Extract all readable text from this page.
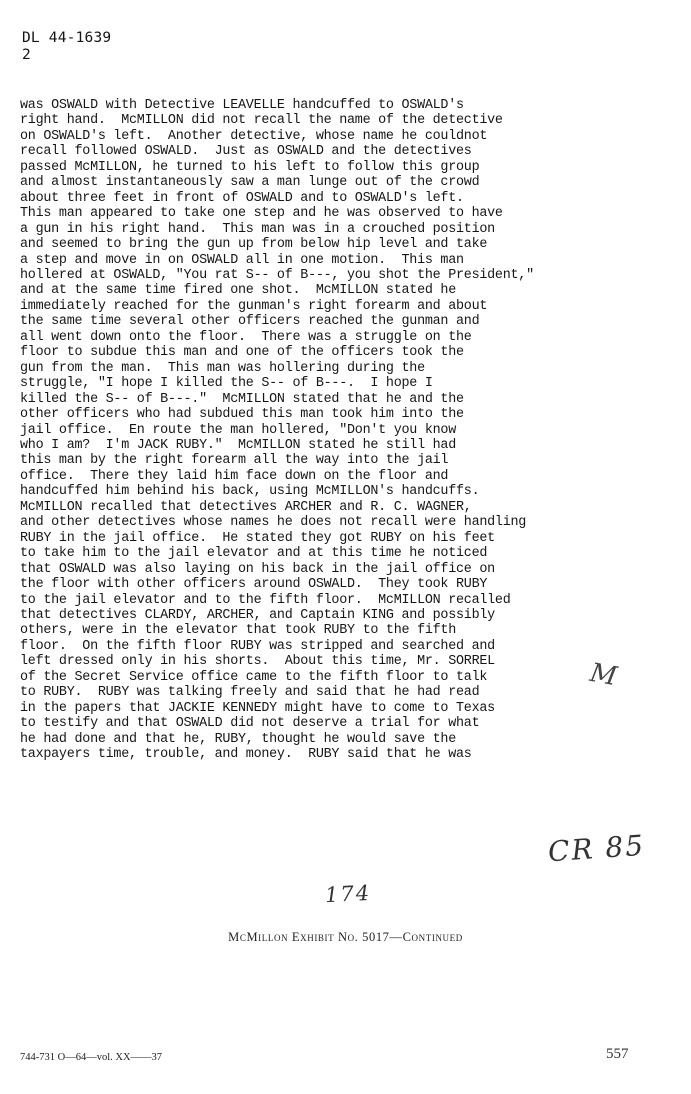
DL 44-1639
2
was OSWALD with Detective LEAVELLE handcuffed to OSWALD's
right hand.  McMILLON did not recall the name of the detective
on OSWALD's left.  Another detective, whose name he couldnot
recall followed OSWALD.  Just as OSWALD and the detectives
passed McMILLON, he turned to his left to follow this group
and almost instantaneously saw a man lunge out of the crowd
about three feet in front of OSWALD and to OSWALD's left.
This man appeared to take one step and he was observed to have
a gun in his right hand.  This man was in a crouched position
and seemed to bring the gun up from below hip level and take
a step and move in on OSWALD all in one motion.  This man
hollered at OSWALD, "You rat S-- of B---, you shot the President,"
and at the same time fired one shot.  McMILLON stated he
immediately reached for the gunman's right forearm and about
the same time several other officers reached the gunman and
all went down onto the floor.  There was a struggle on the
floor to subdue this man and one of the officers took the
gun from the man.  This man was hollering during the
struggle, "I hope I killed the S-- of B---.  I hope I
killed the S-- of B---."  McMILLON stated that he and the
other officers who had subdued this man took him into the
jail office.  En route the man hollered, "Don't you know
who I am?  I'm JACK RUBY."  McMILLON stated he still had
this man by the right forearm all the way into the jail
office.  There they laid him face down on the floor and
handcuffed him behind his back, using McMILLON's handcuffs.
McMILLON recalled that detectives ARCHER and R. C. WAGNER,
and other detectives whose names he does not recall were handling
RUBY in the jail office.  He stated they got RUBY on his feet
to take him to the jail elevator and at this time he noticed
that OSWALD was also laying on his back in the jail office on
the floor with other officers around OSWALD.  They took RUBY
to the jail elevator and to the fifth floor.  McMILLON recalled
that detectives CLARDY, ARCHER, and Captain KING and possibly
others, were in the elevator that took RUBY to the fifth
floor.  On the fifth floor RUBY was stripped and searched and
left dressed only in his shorts.  About this time, Mr. SORREL
of the Secret Service office came to the fifth floor to talk
to RUBY.  RUBY was talking freely and said that he had read
in the papers that JACKIE KENNEDY might have to come to Texas
to testify and that OSWALD did not deserve a trial for what
he had done and that he, RUBY, thought he would save the
taxpayers time, trouble, and money.  RUBY said that he was
M
CR 85
174
McMillon Exhibit No. 5017—Continued
744-731 O—64—vol. XX——37	557
